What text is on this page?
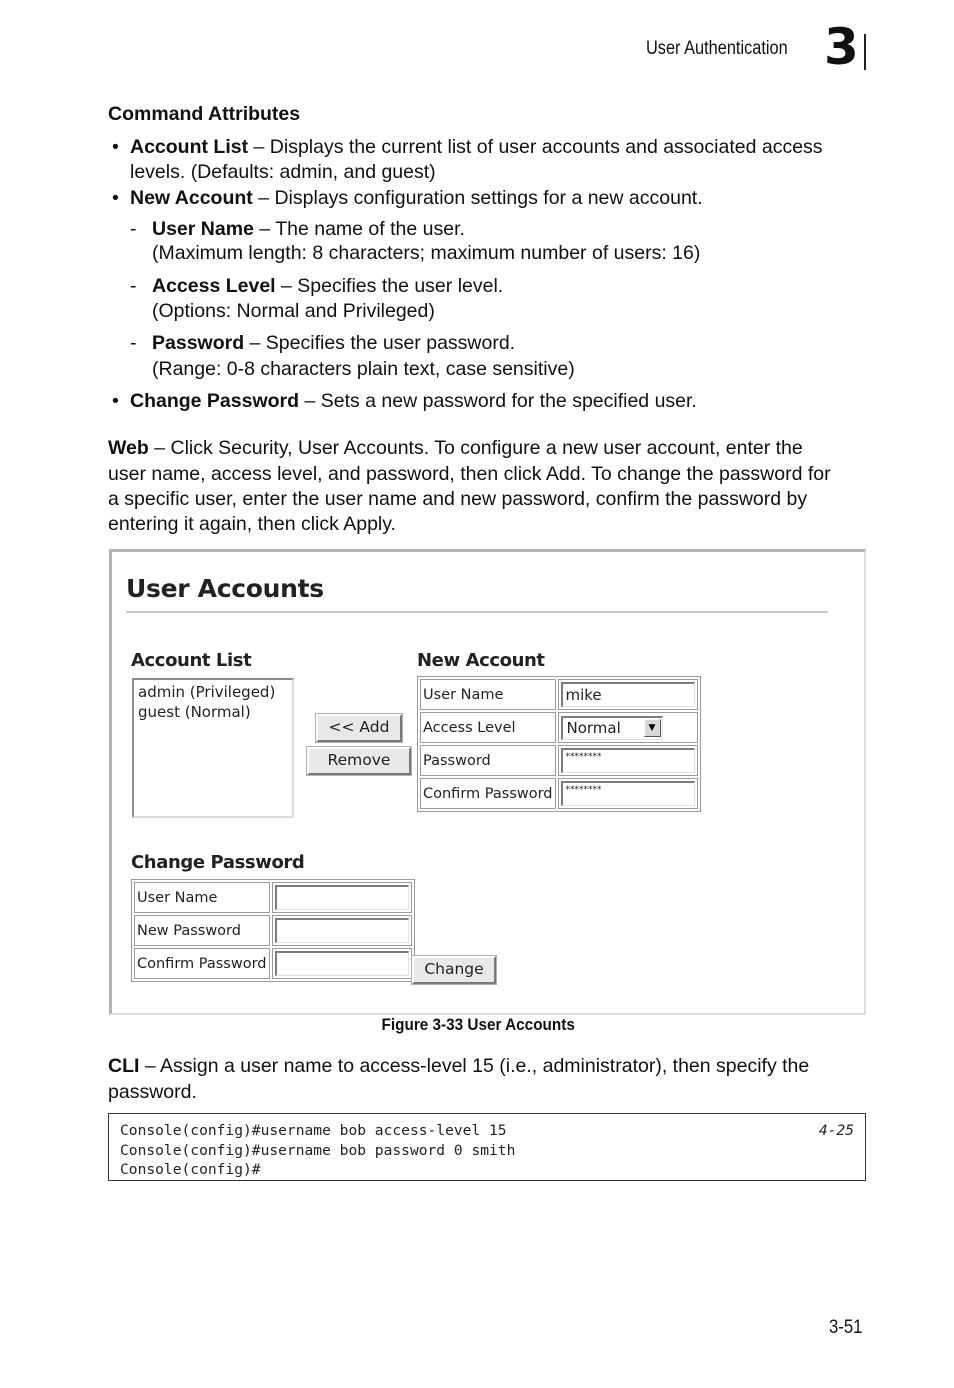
User Authentication 3
Command Attributes
• Account List – Displays the current list of user accounts and associated access
levels. (Defaults: admin, and guest)
• New Account – Displays configuration settings for a new account.
- User Name – The name of the user.
(Maximum length: 8 characters; maximum number of users: 16)
- Access Level – Specifies the user level.
(Options: Normal and Privileged)
- Password – Specifies the user password.
(Range: 0-8 characters plain text, case sensitive)
• Change Password – Sets a new password for the specified user.
Web – Click Security, User Accounts. To configure a new user account, enter the
user name, access level, and password, then click Add. To change the password for
a specific user, enter the user name and new password, confirm the password by
entering it again, then click Apply.
User Accounts
Account List
admin (Privileged)
guest (Normal)
<< Add
Remove
New Account
User Name	mike

Access Level	Normal ▼

Password	********

Confirm Password	********
Change Password
User Name	

New Password	

Confirm Password		Change
Figure 3-33 User Accounts
CLI – Assign a user name to access-level 15 (i.e., administrator), then specify the
password.
Console(config)#username bob access-level 15
Console(config)#username bob password 0 smith
Console(config)#
4-25
3-51
